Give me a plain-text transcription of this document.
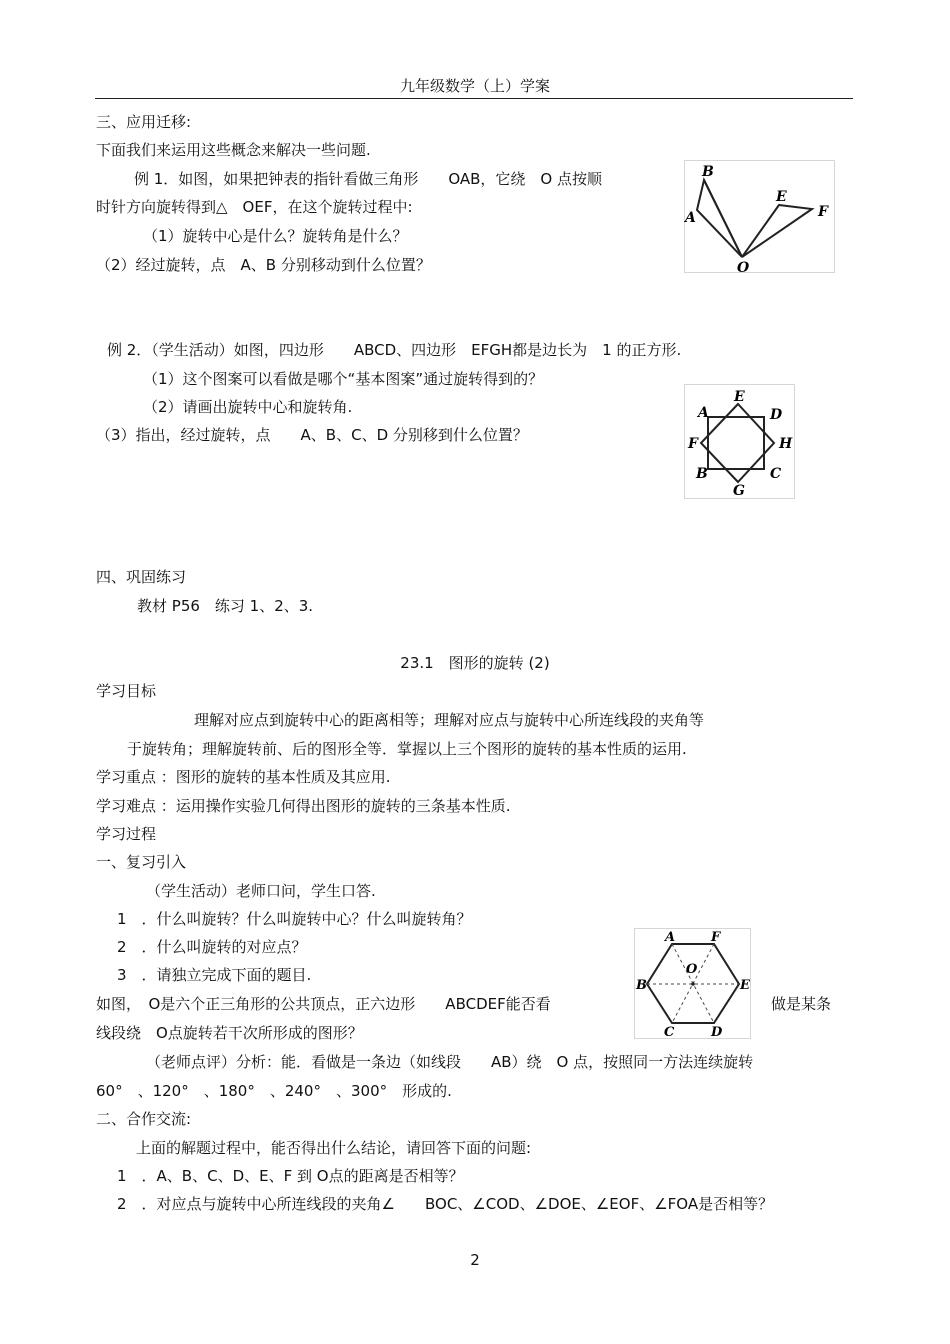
九年级数学（上）学案
三、应用迁移:
下面我们来运用这些概念来解决一些问题.
例 1．如图，如果把钟表的指针看做三角形　　OAB，它绕　O 点按顺
时针方向旋转得到△　OEF，在这个旋转过程中:
（1）旋转中心是什么？旋转角是什么？
（2）经过旋转，点　A、B 分别移动到什么位置？
B
A
E
F
O
例 2．（学生活动）如图，四边形　　ABCD、四边形　EFGH都是边长为　1 的正方形.
（1）这个图案可以看做是哪个“基本图案”通过旋转得到的？
（2）请画出旋转中心和旋转角.
（3）指出，经过旋转，点　　A、B、C、D 分别移到什么位置？
A
E
D
F	H
B
G
C
四、巩固练习
教材 P56　练习 1、2、3.
23.1　图形的旋转 (2)
学习目标
理解对应点到旋转中心的距离相等；理解对应点与旋转中心所连线段的夹角等
于旋转角；理解旋转前、后的图形全等．掌握以上三个图形的旋转的基本性质的运用.
学习重点 ：图形的旋转的基本性质及其应用.
学习难点 ：运用操作实验几何得出图形的旋转的三条基本性质.
学习过程
一、复习引入
（学生活动）老师口问，学生口答.
1　．什么叫旋转？什么叫旋转中心？什么叫旋转角？
2　．什么叫旋转的对应点？
3　．请独立完成下面的题目.
如图，　O是六个正三角形的公共顶点，正六边形　　ABCDEF能否看	做是某条
线段绕　O点旋转若干次所形成的图形？
A	F
O
B	E
C	D
（老师点评）分析：能．看做是一条边（如线段　　AB）绕　O 点，按照同一方法连续旋转
60°　、120°　、180°　、240°　、300°　形成的.
二、合作交流:
上面的解题过程中，能否得出什么结论，请回答下面的问题:
1　．A、B、C、D、E、F 到 O点的距离是否相等？
2　．对应点与旋转中心所连线段的夹角∠　　BOC、∠COD、∠DOE、∠EOF、∠FOA是否相等？
2
